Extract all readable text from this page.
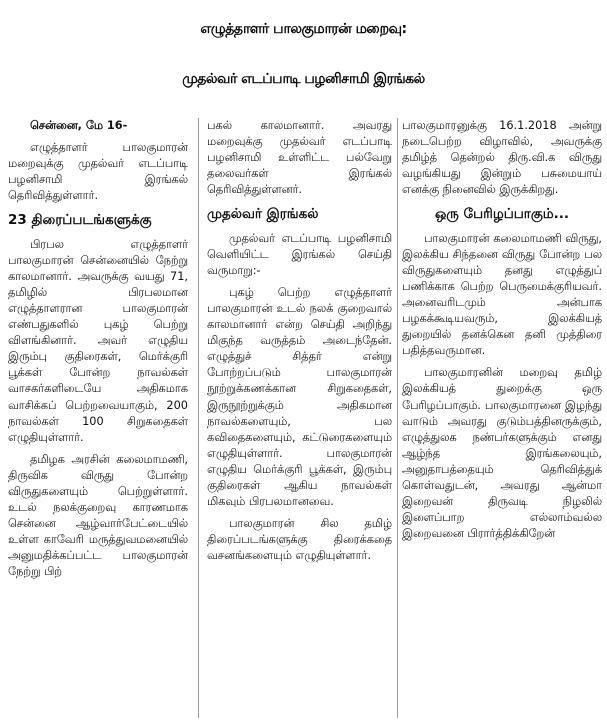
எழுத்தாளர் பாலகுமாரன் மறைவு:
முதல்வர் எடப்பாடி பழனிசாமி இரங்கல்

சென்னை, மே 16-

எழுத்தாளர் பாலகுமாரன் மறைவுக்கு முதல்வர் எடப்பாடி பழனிசாமி இரங்கல் தெரிவித்துள்ளார்.

23 திரைப்படங்களுக்கு

பிரபல எழுத்தாளர் பாலகுமாரன் சென்னையில் நேற்று காலமானார். அவருக்கு வயது 71, தமிழில் பிரபலமான எழுத்தாளரான பாலகுமாரன் எண்பதுகளில் புகழ் பெற்று விளங்கினார். அவர் எழுதிய இரும்பு குதிரைகள், மெர்க்குரி பூக்கள் போன்ற நாவல்கள் வாசகர்களிடையே அதிகமாக வாசிக்கப் பெற்றவையாகும், 200 நாவல்கள் 100 சிறுகதைகள் எழுதியுள்ளார்.

தமிழக அரசின் கலைமாமணி, திருவிக விருது போன்ற விருதுகளையும் பெற்றுள்ளார். உடல் நலக்குறைவு காரணமாக சென்னை ஆழ்வார்பேட்டையில் உள்ள காவேரி மருத்துவமனையில் அனுமதிக்கப்பட்ட பாலகுமாரன் நேற்று பிற்

பகல் காலமானார். அவரது மறைவுக்கு முதல்வர் எடப்பாடி பழனிசாமி உள்ளிட்ட பல்வேறு தலைவர்கள் இரங்கல் தெரிவித்துள்ளனர்.

முதல்வர் இரங்கல்

முதல்வர் எடப்பாடி பழனிசாமி வெளியிட்ட இரங்கல் செய்தி வருமாறு:-

புகழ் பெற்ற எழுத்தாளர் பாலகுமாரன் உடல் நலக் குறைவால் காலமானார் என்ற செய்தி அறிந்து மிகுந்த வருத்தம் அடைந்தேன். எழுத்துச் சித்தர் என்று போற்றப்படும் பாலகுமாரன் நூற்றுக்கணக்கான சிறுகதைகள், இருநூற்றுக்கும் அதிகமான நாவல்களையும், பல கவிதைகளையும், கட்டுரைகளையும் எழுதியுள்ளார். பாலகுமாரன் எழுதிய மெர்க்குரி பூக்கள், இரும்பு குதிரைகள் ஆகிய நாவல்கள் மிகவும் பிரபலமானவை.

பாலகுமாரன் சில தமிழ் திரைப்படங்களுக்கு திரைக்கதை வசனங்களையும் எழுதியுள்ளார்.

பாலகுமாரனுக்கு 16.1.2018 அன்று நடைபெற்ற விழாவில், அவருக்கு தமிழ்த் தென்றல் திரு.வி.க விருது வழங்கியது இன்றும் பசுமையாய் எனக்கு நினைவில் இருக்கிறது.

ஒரு பேரிழப்பாகும்...

பாலகுமாரன் கலைமாமணி விருது, இலக்கிய சிந்தனை விருது போன்ற பல விருதுகளையும் தனது எழுத்துப் பணிக்காக பெற்ற பெருமைக்குரியவர். அனைவரிடமும் அன்பாக பழகக்கூடியவரும், இலக்கியத் துறையில் தனக்கென தனி முத்திரை பதித்தவருமான.

பாலகுமாரனின் மறைவு தமிழ் இலக்கியத் துறைக்கு ஒரு பேரிழப்பாகும். பாலகுமாரனை இழந்து வாடும் அவரது குடும்பத்தினருக்கும், எழுத்துலக நண்பர்களுக்கும் எனது ஆழ்ந்த இரங்கலையும், அனுதாபத்தையும் தெரிவித்துக் கொள்வதுடன், அவரது ஆன்மா இறைவன் திருவடி நிழலில் இளைப்பாற எல்லாம்வல்ல இறைவனை பிரார்த்திக்கிறேன்
